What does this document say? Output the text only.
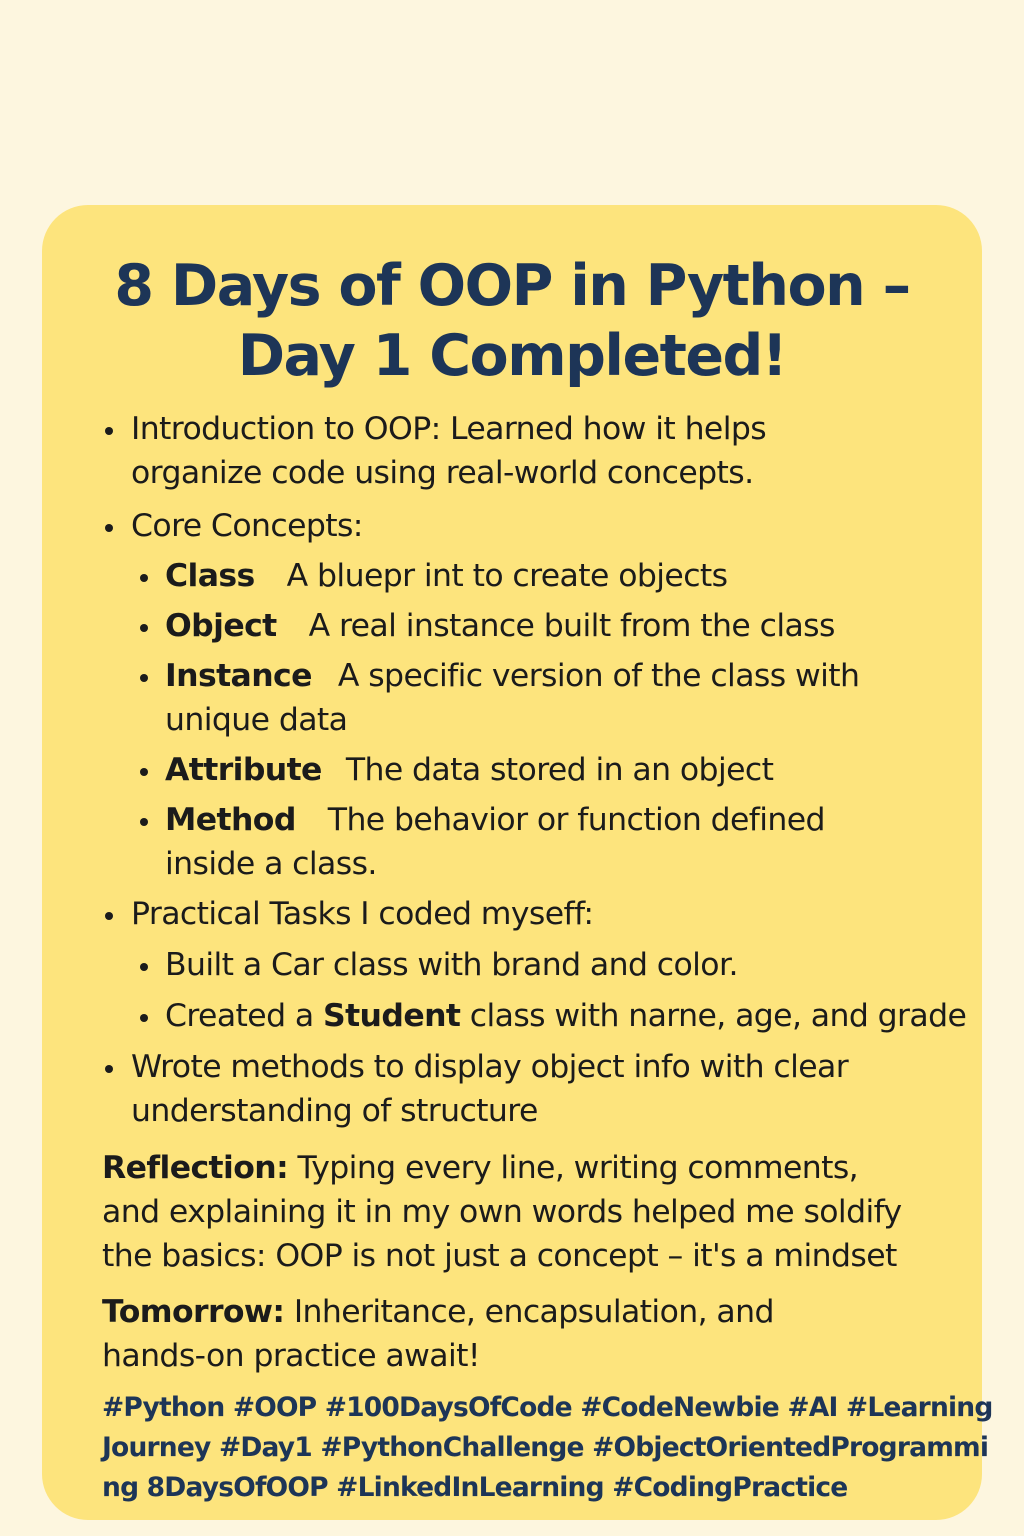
8 Days of OOP in Python –
Day 1 Completed!
Introduction to OOP: Learned how it helps
organize code using real-world concepts.
Core Concepts:
Class A bluepr int to create objects
Object A real instance built from the class
Instance A specific version of the class with
unique data
Attribute The data stored in an object
Method The behavior or function defined
inside a class.
Practical Tasks I coded myseff:
Built a Car class with brand and color.
Created a Student class with narne, age, and grade
Wrote methods to display object info with clear
understanding of structure
Reflection: Typing every line, writing comments,
and explaining it in my own words helped me soldify
the basics: OOP is not just a concept – it's a mindset
Tomorrow: Inheritance, encapsulation, and
hands-on practice await!
#Python #OOP #100DaysOfCode #CodeNewbie #AI #Learning
Journey #Day1 #PythonChallenge #ObjectOrientedProgrammi
ng 8DaysOfOOP #LinkedInLearning #CodingPractice
